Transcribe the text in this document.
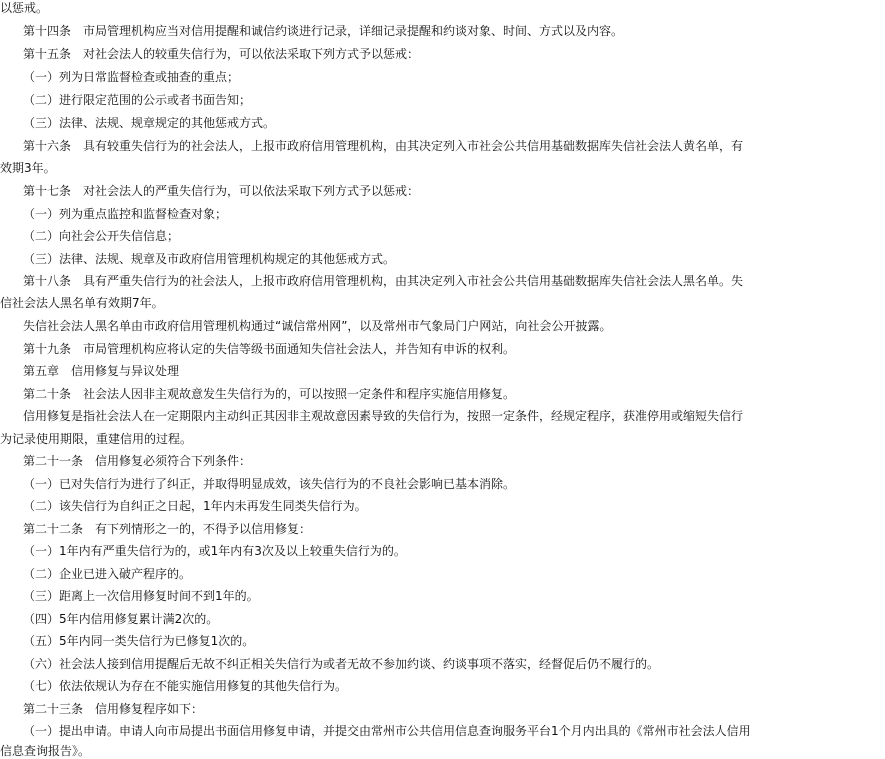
以惩戒。
第十四条　市局管理机构应当对信用提醒和诚信约谈进行记录，详细记录提醒和约谈对象、时间、方式以及内容。
第十五条　对社会法人的较重失信行为，可以依法采取下列方式予以惩戒：
（一）列为日常监督检查或抽查的重点；
（二）进行限定范围的公示或者书面告知；
（三）法律、法规、规章规定的其他惩戒方式。
第十六条　具有较重失信行为的社会法人，上报市政府信用管理机构，由其决定列入市社会公共信用基础数据库失信社会法人黄名单，有
效期3年。
第十七条　对社会法人的严重失信行为，可以依法采取下列方式予以惩戒：
（一）列为重点监控和监督检查对象；
（二）向社会公开失信信息；
（三）法律、法规、规章及市政府信用管理机构规定的其他惩戒方式。
第十八条　具有严重失信行为的社会法人，上报市政府信用管理机构，由其决定列入市社会公共信用基础数据库失信社会法人黑名单。失
信社会法人黑名单有效期7年。
失信社会法人黑名单由市政府信用管理机构通过“诚信常州网”，以及常州市气象局门户网站，向社会公开披露。
第十九条　市局管理机构应将认定的失信等级书面通知失信社会法人，并告知有申诉的权利。
第五章　信用修复与异议处理
第二十条　社会法人因非主观故意发生失信行为的，可以按照一定条件和程序实施信用修复。
信用修复是指社会法人在一定期限内主动纠正其因非主观故意因素导致的失信行为，按照一定条件，经规定程序，获准停用或缩短失信行
为记录使用期限，重建信用的过程。
第二十一条　信用修复必须符合下列条件：
（一）已对失信行为进行了纠正，并取得明显成效，该失信行为的不良社会影响已基本消除。
（二）该失信行为自纠正之日起，1年内未再发生同类失信行为。
第二十二条　有下列情形之一的，不得予以信用修复：
（一）1年内有严重失信行为的，或1年内有3次及以上较重失信行为的。
（二）企业已进入破产程序的。
（三）距离上一次信用修复时间不到1年的。
（四）5年内信用修复累计满2次的。
（五）5年内同一类失信行为已修复1次的。
（六）社会法人接到信用提醒后无故不纠正相关失信行为或者无故不参加约谈、约谈事项不落实，经督促后仍不履行的。
（七）依法依规认为存在不能实施信用修复的其他失信行为。
第二十三条　信用修复程序如下：
（一）提出申请。申请人向市局提出书面信用修复申请，并提交由常州市公共信用信息查询服务平台1个月内出具的《常州市社会法人信用
信息查询报告》。
